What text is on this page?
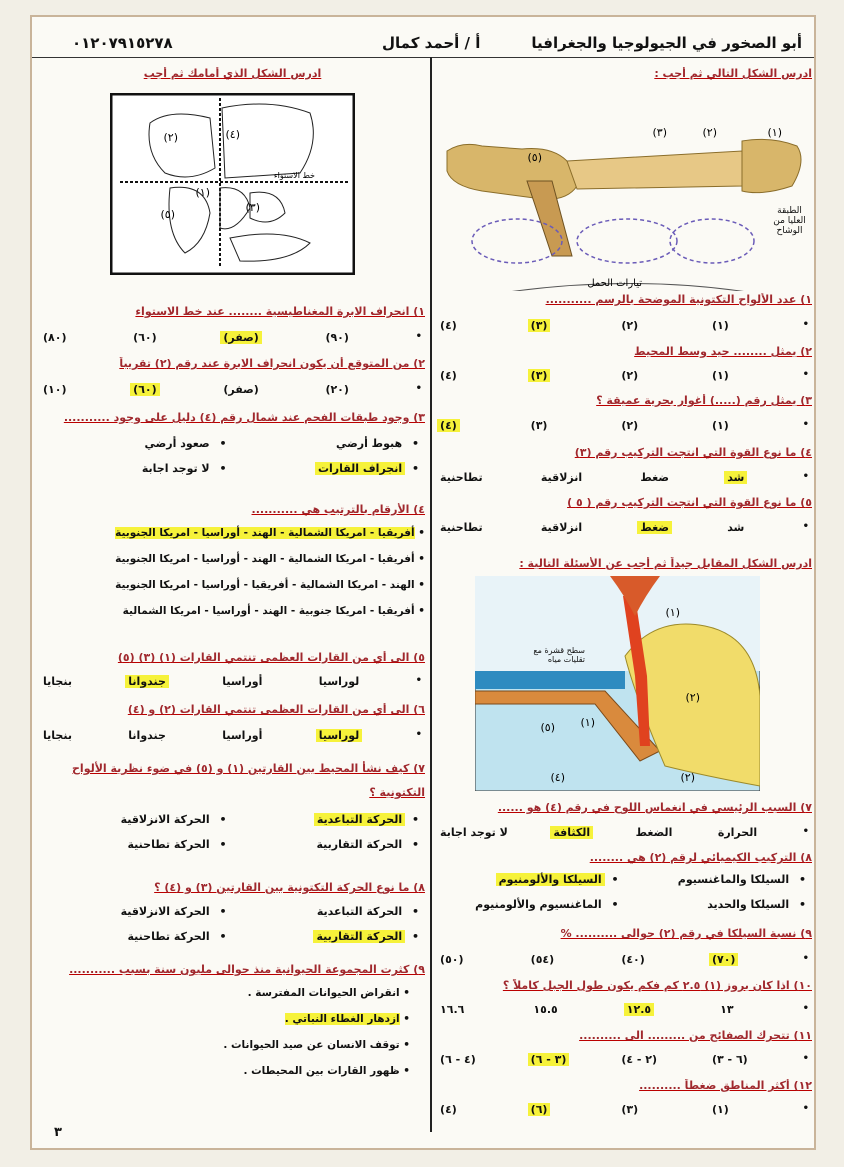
٠١٢٠٧٩١٥٢٧٨	أ / أحمد كمال	أبو الصخور في الجيولوجيا والجغرافيا
ادرس الشكل التالي ثم أجب :
(١)
(٢)
(٣)
(٥)
تيارات الحمل
الطبقة العليا من الوشاح
١) عدد الألواح التكتونية الموضحة بالرسم ...........
•
(١)
(٢)
(٣)
(٤)
٢) يمثل ........ حيد وسط المحيط
•
(١)
(٢)
(٣)
(٤)
٣) يمثل رقم (.....) أغوار بحرية عميقة ؟
•
(١)
(٢)
(٣)
(٤)
٤) ما نوع القوة التي انتجت التركيب رقم (٣)
•
شد
ضغط
انزلاقية
تطاحنية
٥) ما نوع القوة التي انتجت التركيب رقم ( ٥ )
•
شد
ضغط
انزلاقية
تطاحنية
ادرس الشكل المقابل جيداً ثم أجب عن الأسئلة التالية :
(١)
(٢)
(١)
(٥)
(٤)	(٢)
سطح قشرة مع تقليات مياه
٧) السبب الرئيسي في انغماس اللوح في رقم (٤) هو ......
•
الحرارة
الضغط
الكثافة
لا توجد اجابة
٨) التركيب الكيميائي لرقم (٢) هي ........
• السيلكا والماغنسيوم
• السيلكا والألومنيوم
• السيلكا والحديد
• الماغنسيوم والألومنيوم
٩) نسبة السيلكا في رقم (٢) حوالى .......... %
•
(٧٠)
(٤٠)
(٥٤)
(٥٠)
١٠) اذا كان بروز (١) ٢.٥ كم فكم يكون طول الجبل كاملاً ؟
•
١٣
١٢.٥
١٥.٥
١٦.٦
١١) تتحرك الصفائح من ......... الى ..........
•
(٦ - ٣)
(٢ - ٤)
(٣ - ٦)
(٤ - ٦)
١٢) أكثر المناطق ضغطاً ..........
•
(١)
(٣)
(٦)
(٤)
ادرس الشكل الذي أمامك ثم أجب
(٢)	(٤)
(١)
(٣)
(٥)
خط الاستواء
١) انحراف الابرة المغناطيسية ........ عند خط الاستواء
•
(٩٠)
(صفر)
(٦٠)
(٨٠)
٢) من المتوقع أن يكون انحراف الابرة عند رقم (٢) تقريباً
•
(٢٠)
(صفر)
(٦٠)
(١٠)
٣) وجود طبقات الفحم عند شمال رقم (٤) دليل على وجود ...........
• هبوط أرضي
• صعود أرضي
• انجراف القارات
• لا توجد اجابة
٤) الأرقام بالترتيب هي ...........
• أفريقيا - امريكا الشمالية - الهند - أوراسيا - امريكا الجنوبية
• أفريقيا - امريكا الشمالية - الهند - أوراسيا - امريكا الجنوبية
• الهند - امريكا الشمالية - أفريقيا - أوراسيا - امريكا الجنوبية
• أفريقيا - امريكا جنوبية - الهند - أوراسيا - امريكا الشمالية
٥) الى أي من القارات العظمى تنتمي القارات (١) (٣) (٥)
•
لوراسيا
أوراسيا
جندوانا
بنجايا
٦) الى أي من القارات العظمى تنتمي القارات (٢) و (٤)
•
لوراسيا
أوراسيا
جندوانا
بنجايا
٧) كيف نشأ المحيط بين القارتين (١) و (٥) في ضوء نظرية الألواح التكتونية ؟
• الحركة التباعدية
• الحركة الانزلاقية
• الحركة التقاربية
• الحركة تطاحنية
٨) ما نوع الحركة التكتونية بين القارتين (٣) و (٤) ؟
• الحركة التباعدية
• الحركة الانزلاقية
• الحركة التقاربية
• الحركة تطاحنية
٩) كثرت المجموعة الحيوانية منذ حوالى مليون سنة بسبب ...........
• انقراض الحيوانات المفترسة .
• ازدهار الغطاء النباتي .
• توقف الانسان عن صيد الحيوانات .
• ظهور القارات بين المحيطات .
٣
